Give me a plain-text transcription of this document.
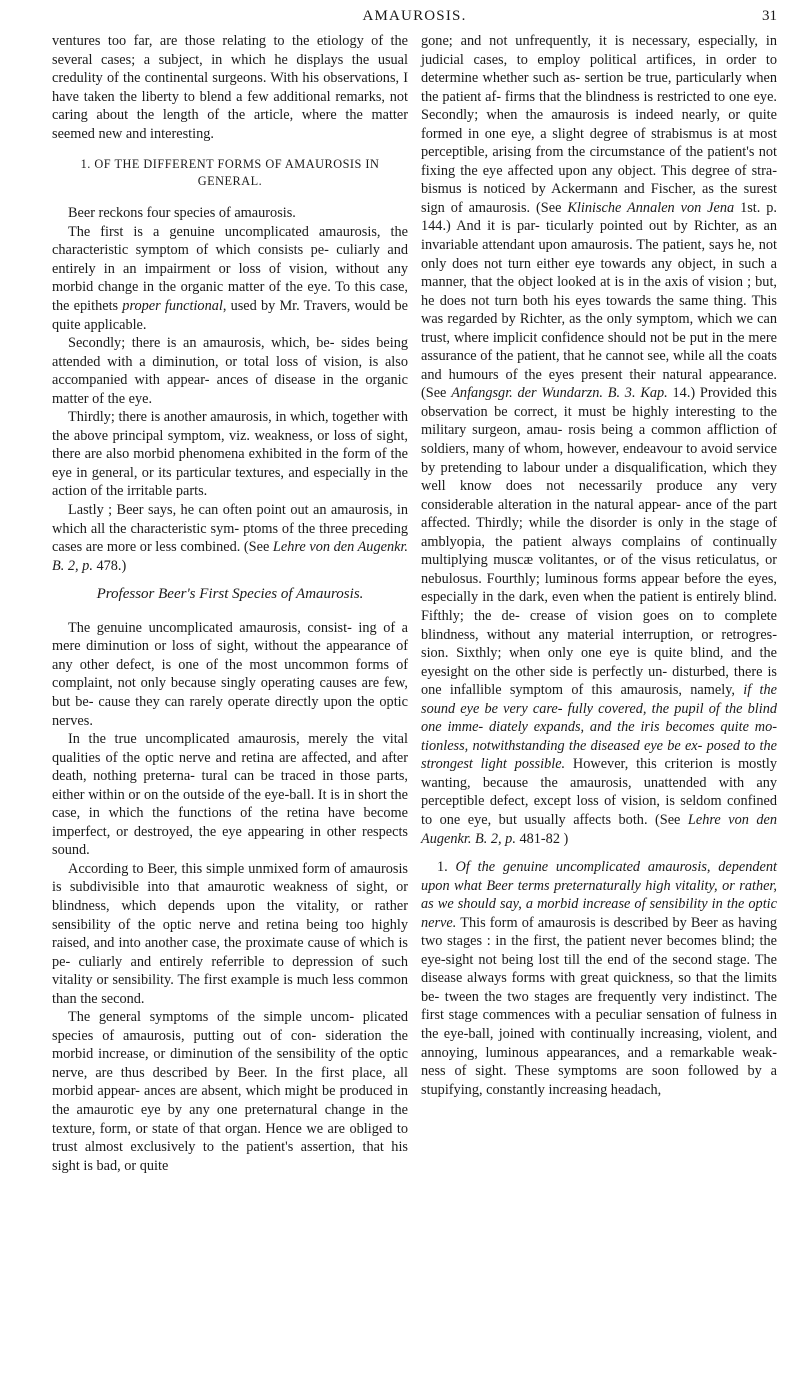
AMAUROSIS.	31

ventures too far, are those relating to the etiology of the several cases; a subject, in which he displays the usual credulity of the continental surgeons. With his observations, I have taken the liberty to blend a few additional remarks, not caring about the length of the article, where the matter seemed new and interesting.

1. OF THE DIFFERENT FORMS OF AMAUROSIS IN GENERAL.

Beer reckons four species of amaurosis.

The first is a genuine uncomplicated amaurosis, the characteristic symptom of which consists pe- culiarly and entirely in an impairment or loss of vision, without any morbid change in the organic matter of the eye. To this case, the epithets proper functional, used by Mr. Travers, would be quite applicable.

Secondly; there is an amaurosis, which, be- sides being attended with a diminution, or total loss of vision, is also accompanied with appear- ances of disease in the organic matter of the eye.

Thirdly; there is another amaurosis, in which, together with the above principal symptom, viz. weakness, or loss of sight, there are also morbid phenomena exhibited in the form of the eye in general, or its particular textures, and especially in the action of the irritable parts.

Lastly ; Beer says, he can often point out an amaurosis, in which all the characteristic sym- ptoms of the three preceding cases are more or less combined. (See Lehre von den Augenkr. B. 2, p. 478.)

Professor Beer's First Species of Amaurosis.

The genuine uncomplicated amaurosis, consist- ing of a mere diminution or loss of sight, without the appearance of any other defect, is one of the most uncommon forms of complaint, not only because singly operating causes are few, but be- cause they can rarely operate directly upon the optic nerves.

In the true uncomplicated amaurosis, merely the vital qualities of the optic nerve and retina are affected, and after death, nothing preterna- tural can be traced in those parts, either within or on the outside of the eye-ball. It is in short the case, in which the functions of the retina have become imperfect, or destroyed, the eye appearing in other respects sound.

According to Beer, this simple unmixed form of amaurosis is subdivisible into that amaurotic weakness of sight, or blindness, which depends upon the vitality, or rather sensibility of the optic nerve and retina being too highly raised, and into another case, the proximate cause of which is pe- culiarly and entirely referrible to depression of such vitality or sensibility. The first example is much less common than the second.

The general symptoms of the simple uncom- plicated species of amaurosis, putting out of con- sideration the morbid increase, or diminution of the sensibility of the optic nerve, are thus described by Beer. In the first place, all morbid appear- ances are absent, which might be produced in the amaurotic eye by any one preternatural change in the texture, form, or state of that organ. Hence we are obliged to trust almost exclusively to the patient's assertion, that his sight is bad, or quite

gone; and not unfrequently, it is necessary, especially, in judicial cases, to employ political artifices, in order to determine whether such as- sertion be true, particularly when the patient af- firms that the blindness is restricted to one eye. Secondly; when the amaurosis is indeed nearly, or quite formed in one eye, a slight degree of strabismus is at most perceptible, arising from the circumstance of the patient's not fixing the eye affected upon any object. This degree of stra- bismus is noticed by Ackermann and Fischer, as the surest sign of amaurosis. (See Klinische Annalen von Jena 1st. p. 144.) And it is par- ticularly pointed out by Richter, as an invariable attendant upon amaurosis. The patient, says he, not only does not turn either eye towards any object, in such a manner, that the object looked at is in the axis of vision ; but, he does not turn both his eyes towards the same thing. This was regarded by Richter, as the only symptom, which we can trust, where implicit confidence should not be put in the mere assurance of the patient, that he cannot see, while all the coats and humours of the eyes present their natural appearance. (See Anfangsgr. der Wundarzn. B. 3. Kap. 14.) Provided this observation be correct, it must be highly interesting to the military surgeon, amau- rosis being a common affliction of soldiers, many of whom, however, endeavour to avoid service by pretending to labour under a disqualification, which they well know does not necessarily produce any very considerable alteration in the natural appear- ance of the part affected. Thirdly; while the disorder is only in the stage of amblyopia, the patient always complains of continually multiplying muscæ volitantes, or of the visus reticulatus, or nebulosus. Fourthly; luminous forms appear before the eyes, especially in the dark, even when the patient is entirely blind. Fifthly; the de- crease of vision goes on to complete blindness, without any material interruption, or retrogres- sion. Sixthly; when only one eye is quite blind, and the eyesight on the other side is perfectly un- disturbed, there is one infallible symptom of this amaurosis, namely, if the sound eye be very care- fully covered, the pupil of the blind one imme- diately expands, and the iris becomes quite mo- tionless, notwithstanding the diseased eye be ex- posed to the strongest light possible. However, this criterion is mostly wanting, because the amaurosis, unattended with any perceptible defect, except loss of vision, is seldom confined to one eye, but usually affects both. (See Lehre von den Augenkr. B. 2, p. 481-82 )

1. Of the genuine uncomplicated amaurosis, dependent upon what Beer terms preternaturally high vitality, or rather, as we should say, a morbid increase of sensibility in the optic nerve. This form of amaurosis is described by Beer as having two stages : in the first, the patient never becomes blind; the eye-sight not being lost till the end of the second stage. The disease always forms with great quickness, so that the limits be- tween the two stages are frequently very indistinct. The first stage commences with a peculiar sensation of fulness in the eye-ball, joined with continually increasing, violent, and annoying, luminous appearances, and a remarkable weak- ness of sight. These symptoms are soon followed by a stupifying, constantly increasing headach,
